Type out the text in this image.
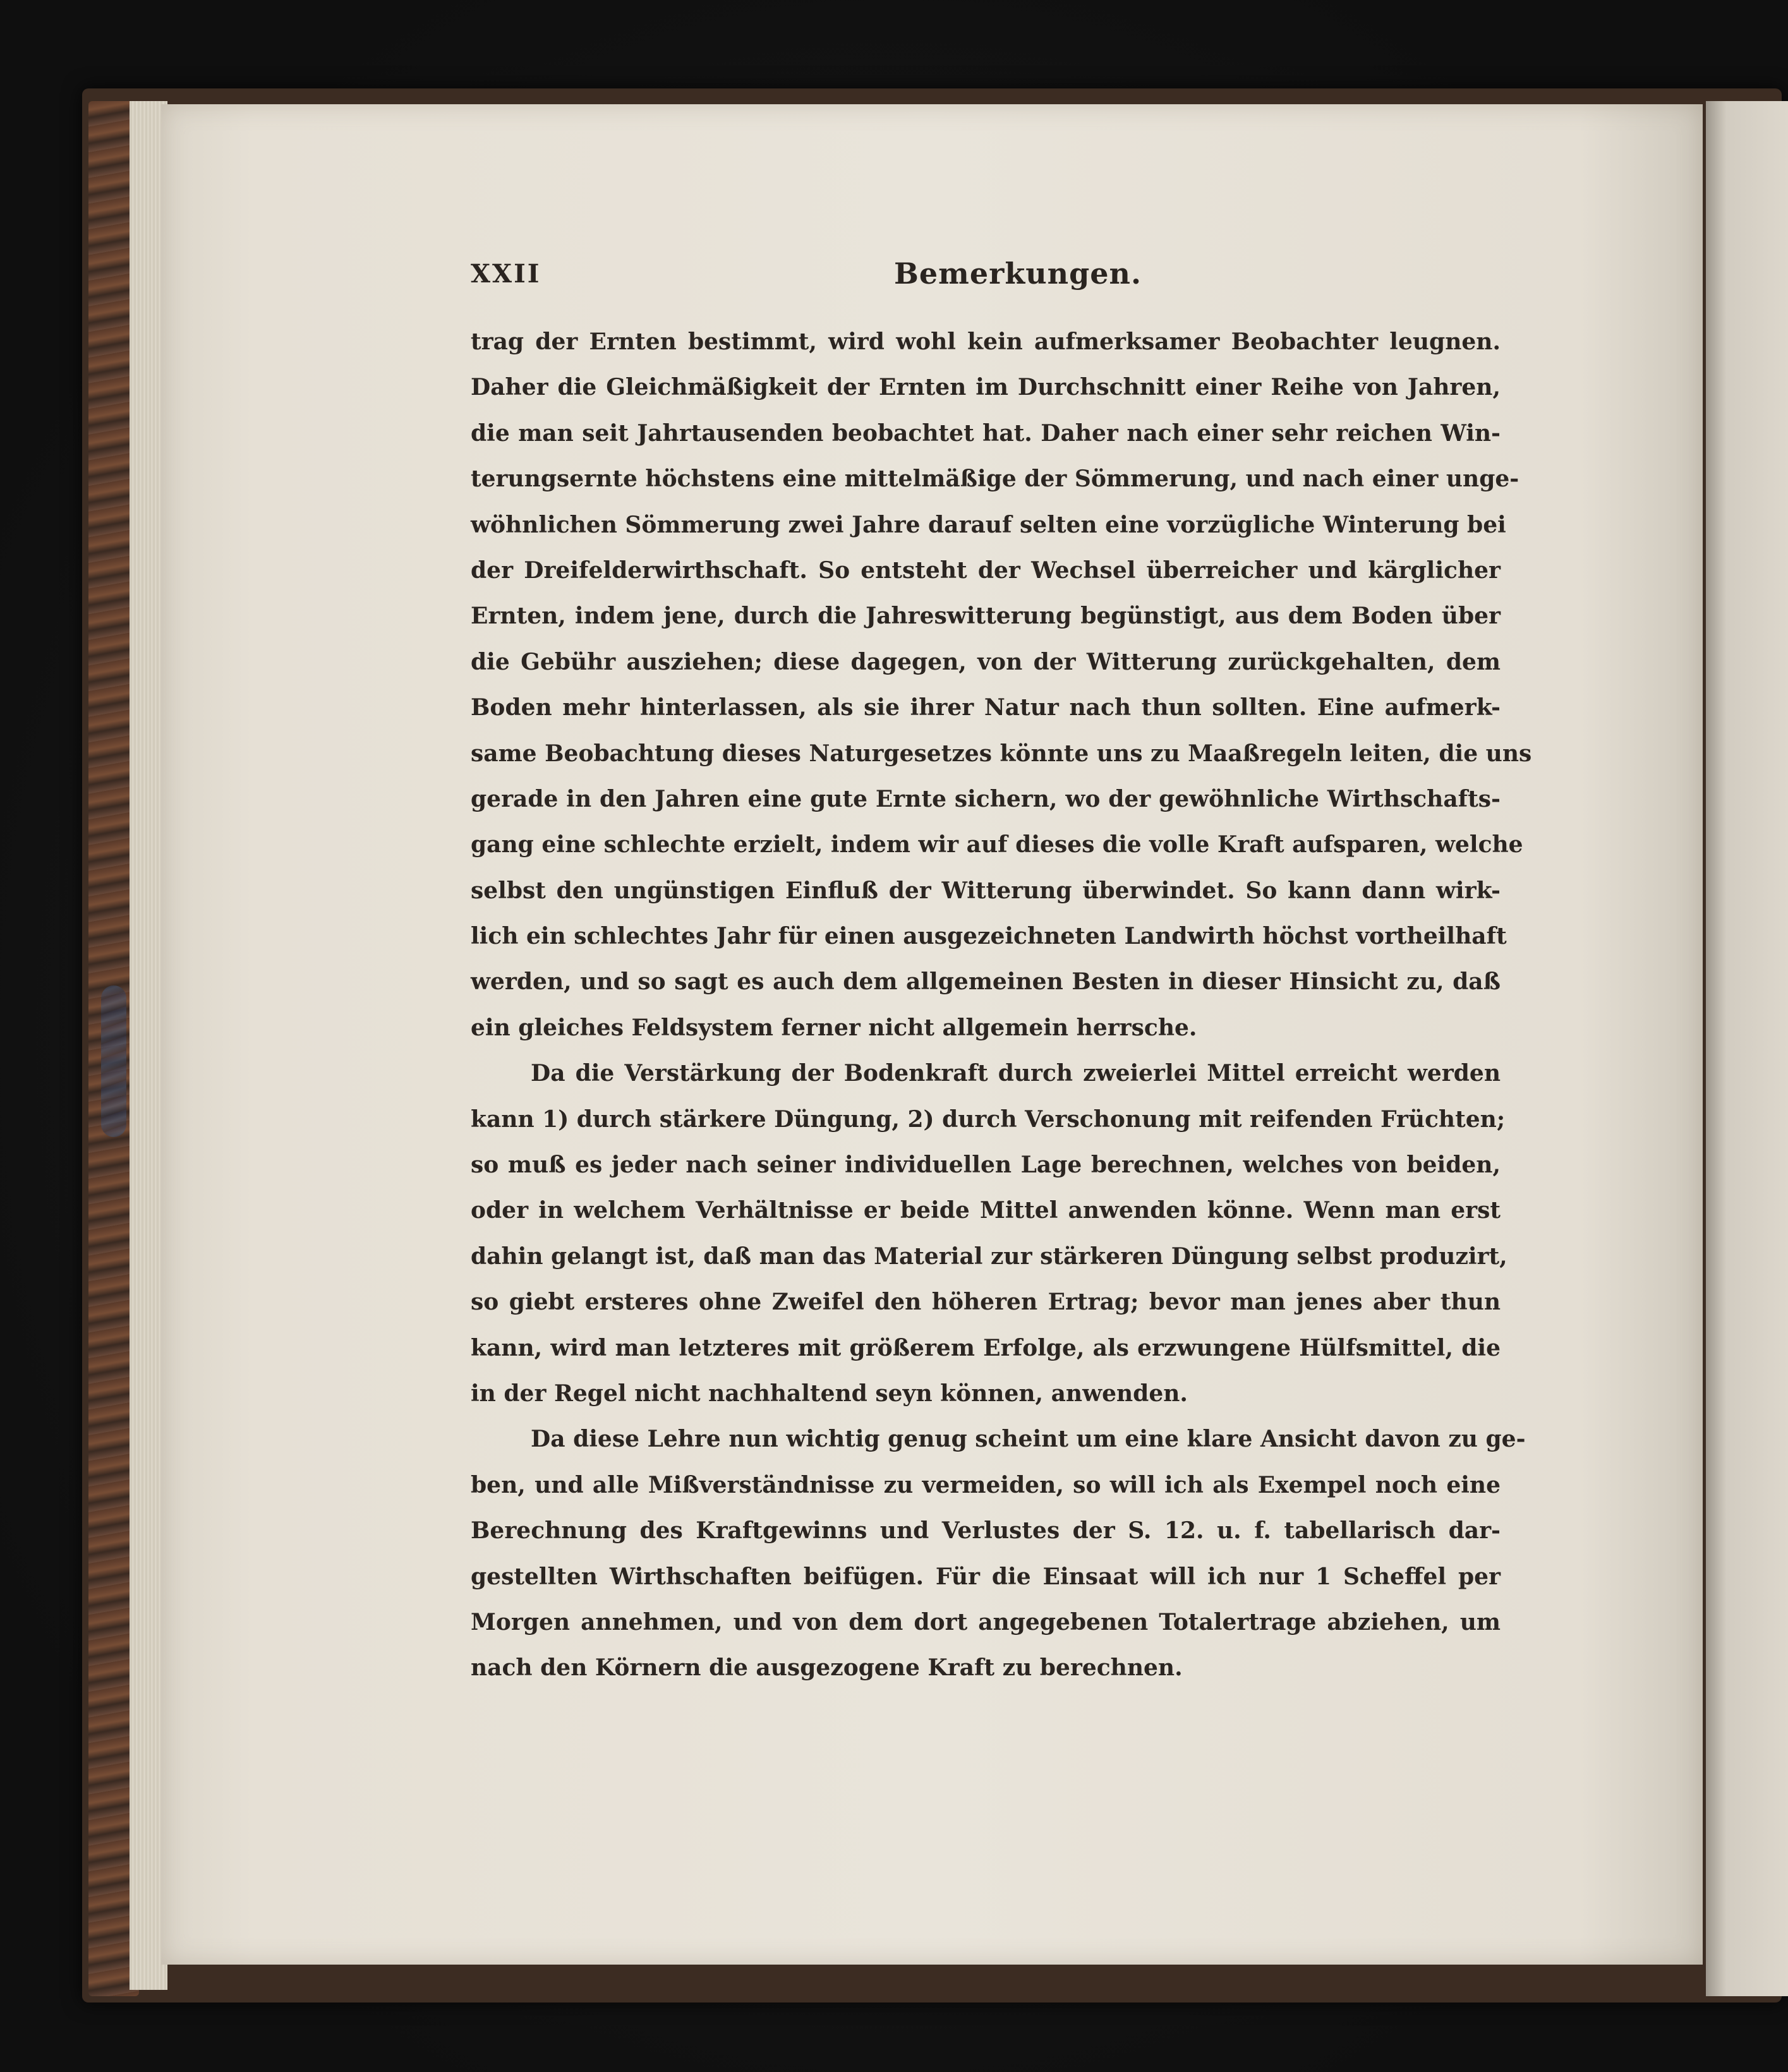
XXII	Bemerkungen.
trag der Ernten bestimmt, wird wohl kein aufmerksamer Beobachter leugnen.
Daher die Gleichmäßigkeit der Ernten im Durchschnitt einer Reihe von Jahren,
die man seit Jahrtausenden beobachtet hat. Daher nach einer sehr reichen Win-
terungsernte höchstens eine mittelmäßige der Sömmerung, und nach einer unge-
wöhnlichen Sömmerung zwei Jahre darauf selten eine vorzügliche Winterung bei
der Dreifelderwirthschaft. So entsteht der Wechsel überreicher und kärglicher
Ernten, indem jene, durch die Jahreswitterung begünstigt, aus dem Boden über
die Gebühr ausziehen; diese dagegen, von der Witterung zurückgehalten, dem
Boden mehr hinterlassen, als sie ihrer Natur nach thun sollten. Eine aufmerk-
same Beobachtung dieses Naturgesetzes könnte uns zu Maaßregeln leiten, die uns
gerade in den Jahren eine gute Ernte sichern, wo der gewöhnliche Wirthschafts-
gang eine schlechte erzielt, indem wir auf dieses die volle Kraft aufsparen, welche
selbst den ungünstigen Einfluß der Witterung überwindet. So kann dann wirk-
lich ein schlechtes Jahr für einen ausgezeichneten Landwirth höchst vortheilhaft
werden, und so sagt es auch dem allgemeinen Besten in dieser Hinsicht zu, daß
ein gleiches Feldsystem ferner nicht allgemein herrsche.
Da die Verstärkung der Bodenkraft durch zweierlei Mittel erreicht werden
kann 1) durch stärkere Düngung, 2) durch Verschonung mit reifenden Früchten;
so muß es jeder nach seiner individuellen Lage berechnen, welches von beiden,
oder in welchem Verhältnisse er beide Mittel anwenden könne. Wenn man erst
dahin gelangt ist, daß man das Material zur stärkeren Düngung selbst produzirt,
so giebt ersteres ohne Zweifel den höheren Ertrag; bevor man jenes aber thun
kann, wird man letzteres mit größerem Erfolge, als erzwungene Hülfsmittel, die
in der Regel nicht nachhaltend seyn können, anwenden.
Da diese Lehre nun wichtig genug scheint um eine klare Ansicht davon zu ge-
ben, und alle Mißverständnisse zu vermeiden, so will ich als Exempel noch eine
Berechnung des Kraftgewinns und Verlustes der S. 12. u. f. tabellarisch dar-
gestellten Wirthschaften beifügen. Für die Einsaat will ich nur 1 Scheffel per
Morgen annehmen, und von dem dort angegebenen Totalertrage abziehen, um
nach den Körnern die ausgezogene Kraft zu berechnen.
